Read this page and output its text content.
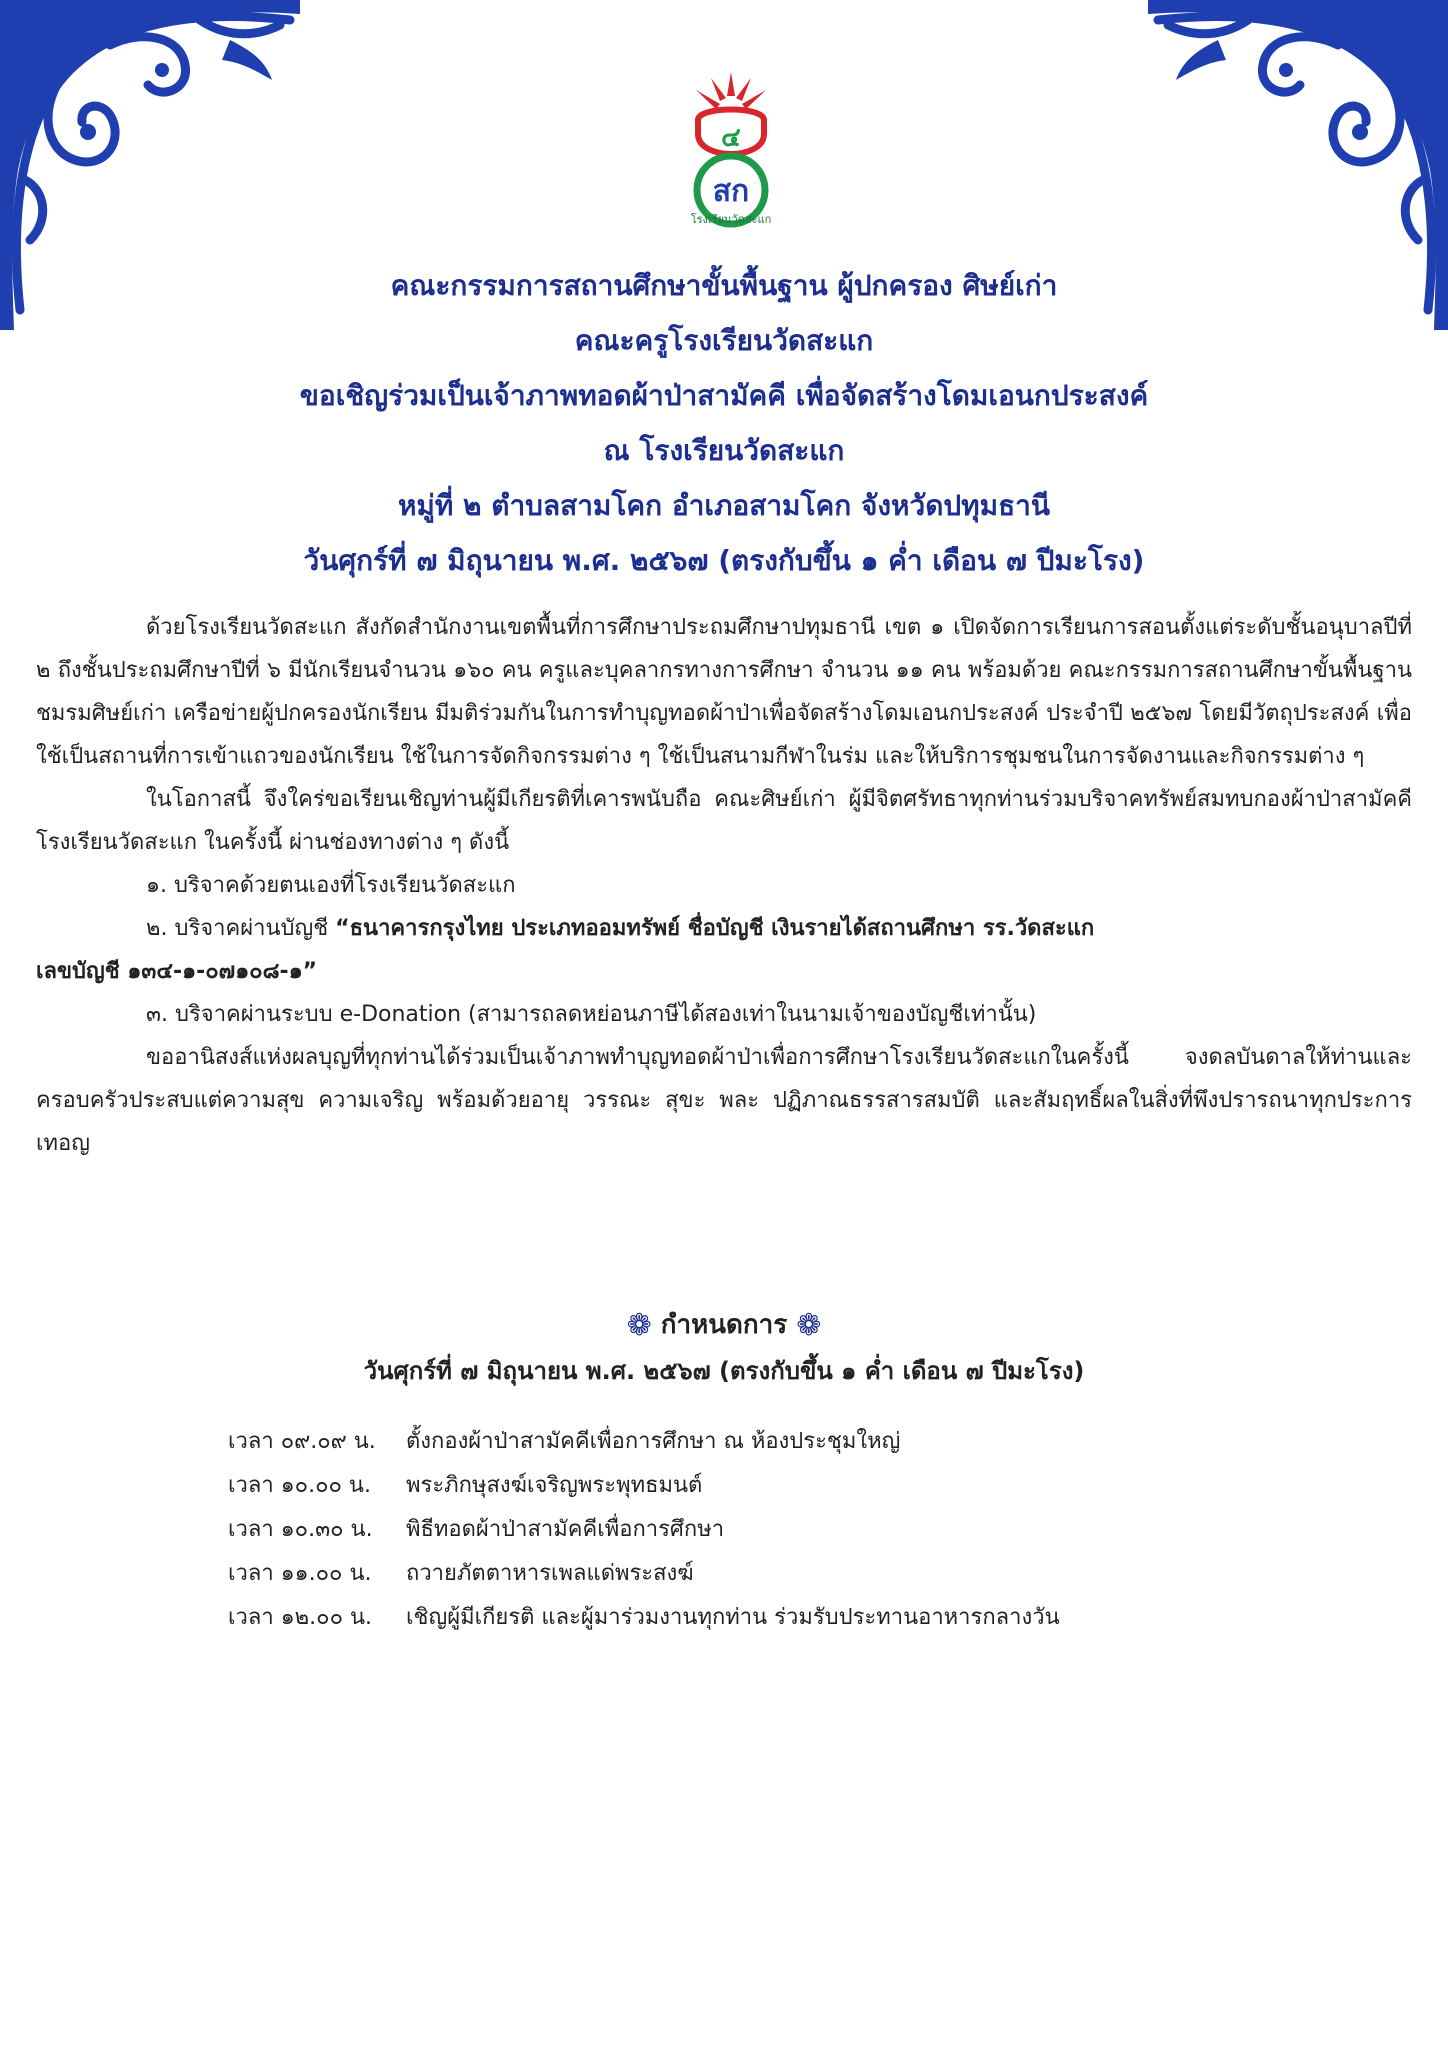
๔
สก
โรงเรียนวัดสะแก
คณะกรรมการสถานศึกษาขั้นพื้นฐาน ผู้ปกครอง ศิษย์เก่า
คณะครูโรงเรียนวัดสะแก
ขอเชิญร่วมเป็นเจ้าภาพทอดผ้าป่าสามัคคี เพื่อจัดสร้างโดมเอนกประสงค์
ณ โรงเรียนวัดสะแก
หมู่ที่ ๒ ตำบลสามโคก อำเภอสามโคก จังหวัดปทุมธานี
วันศุกร์ที่ ๗ มิถุนายน พ.ศ. ๒๕๖๗ (ตรงกับขึ้น ๑ ค่ำ เดือน ๗ ปีมะโรง)

ด้วยโรงเรียนวัดสะแก สังกัดสำนักงานเขตพื้นที่การศึกษาประถมศึกษาปทุมธานี เขต ๑ เปิดจัดการเรียนการสอนตั้งแต่ระดับชั้นอนุบาลปีที่ ๒ ถึงชั้นประถมศึกษาปีที่ ๖ มีนักเรียนจำนวน ๑๖๐ คน ครูและบุคลากรทางการศึกษา จำนวน ๑๑ คน พร้อมด้วย คณะกรรมการสถานศึกษาขั้นพื้นฐาน ชมรมศิษย์เก่า เครือข่ายผู้ปกครองนักเรียน มีมติร่วมกันในการทำบุญทอดผ้าป่าเพื่อจัดสร้างโดมเอนกประสงค์ ประจำปี ๒๕๖๗ โดยมีวัตถุประสงค์ เพื่อใช้เป็นสถานที่การเข้าแถวของนักเรียน ใช้ในการจัดกิจกรรมต่าง ๆ ใช้เป็นสนามกีฬาในร่ม และให้บริการชุมชนในการจัดงานและกิจกรรมต่าง ๆ

ในโอกาสนี้ จึงใคร่ขอเรียนเชิญท่านผู้มีเกียรติที่เคารพนับถือ คณะศิษย์เก่า ผู้มีจิตศรัทธาทุกท่านร่วมบริจาคทรัพย์สมทบกองผ้าป่าสามัคคีโรงเรียนวัดสะแก ในครั้งนี้ ผ่านช่องทางต่าง ๆ ดังนี้

๑. บริจาคด้วยตนเองที่โรงเรียนวัดสะแก

๒. บริจาคผ่านบัญชี “ธนาคารกรุงไทย ประเภทออมทรัพย์ ชื่อบัญชี เงินรายได้สถานศึกษา รร.วัดสะแก

เลขบัญชี ๑๓๔-๑-๐๗๑๐๘-๑”

๓. บริจาคผ่านระบบ e-Donation (สามารถลดหย่อนภาษีได้สองเท่าในนามเจ้าของบัญชีเท่านั้น)

ขออานิสงส์แห่งผลบุญที่ทุกท่านได้ร่วมเป็นเจ้าภาพทำบุญทอดผ้าป่าเพื่อการศึกษาโรงเรียนวัดสะแกในครั้งนี้ จงดลบันดาลให้ท่านและครอบครัวประสบแต่ความสุข ความเจริญ พร้อมด้วยอายุ วรรณะ สุขะ พละ ปฏิภาณธรรสารสมบัติ และสัมฤทธิ์ผลในสิ่งที่พึงปรารถนาทุกประการเทอญ

❁ กำหนดการ ❁
วันศุกร์ที่ ๗ มิถุนายน พ.ศ. ๒๕๖๗ (ตรงกับขึ้น ๑ ค่ำ เดือน ๗ ปีมะโรง)
เวลา ๐๙.๐๙ น. ตั้งกองผ้าป่าสามัคคีเพื่อการศึกษา ณ ห้องประชุมใหญ่
เวลา ๑๐.๐๐ น. พระภิกษุสงฆ์เจริญพระพุทธมนต์
เวลา ๑๐.๓๐ น. พิธีทอดผ้าป่าสามัคคีเพื่อการศึกษา
เวลา ๑๑.๐๐ น. ถวายภัตตาหารเพลแด่พระสงฆ์
เวลา ๑๒.๐๐ น. เชิญผู้มีเกียรติ และผู้มาร่วมงานทุกท่าน ร่วมรับประทานอาหารกลางวัน
